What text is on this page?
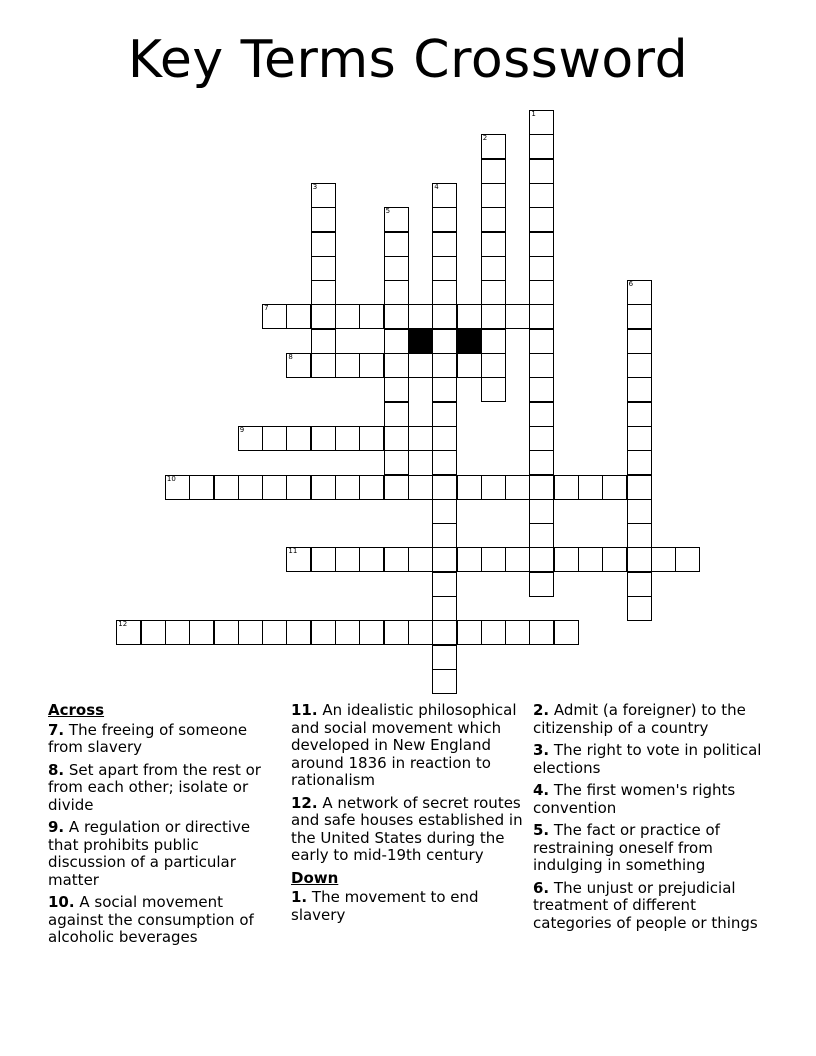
Key Terms Crossword
1
2
3	4
5
6
7
8
9
10
11
12
Across
7. The freeing of someone from slavery
8. Set apart from the rest or from each other; isolate or divide
9. A regulation or directive that prohibits public discussion of a particular matter
10. A social movement against the consumption of alcoholic beverages
11. An idealistic philosophical and social movement which developed in New England around 1836 in reaction to rationalism
12. A network of secret routes and safe houses established in the United States during the early to mid-19th century
Down
1. The movement to end slavery
2. Admit (a foreigner) to the citizenship of a country
3. The right to vote in political elections
4. The first women's rights convention
5. The fact or practice of restraining oneself from indulging in something
6. The unjust or prejudicial treatment of different categories of people or things
